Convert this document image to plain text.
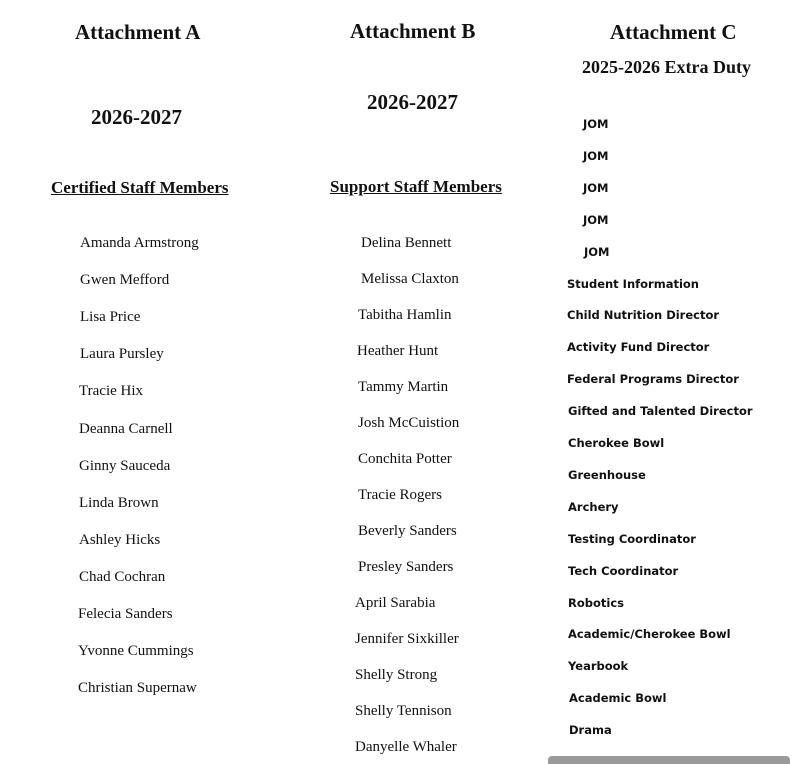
Attachment A
2026-2027
Certified Staff Members
Amanda Armstrong
Gwen Mefford
Lisa Price
Laura Pursley
Tracie Hix
Deanna Carnell
Ginny Sauceda
Linda Brown
Ashley Hicks
Chad Cochran
Felecia Sanders
Yvonne Cummings
Christian Supernaw
Attachment B
2026-2027
Support Staff Members
Delina Bennett
Melissa Claxton
Tabitha Hamlin
Heather Hunt
Tammy Martin
Josh McCuistion
Conchita Potter
Tracie Rogers
Beverly Sanders
Presley Sanders
April Sarabia
Jennifer Sixkiller
Shelly Strong
Shelly Tennison
Danyelle Whaler
Attachment C
2025-2026 Extra Duty
JOM
JOM
JOM
JOM
JOM
Student Information
Child Nutrition Director
Activity Fund Director
Federal Programs Director
Gifted and Talented Director
Cherokee Bowl
Greenhouse
Archery
Testing Coordinator
Tech Coordinator
Robotics
Academic/Cherokee Bowl
Yearbook
Academic Bowl
Drama
